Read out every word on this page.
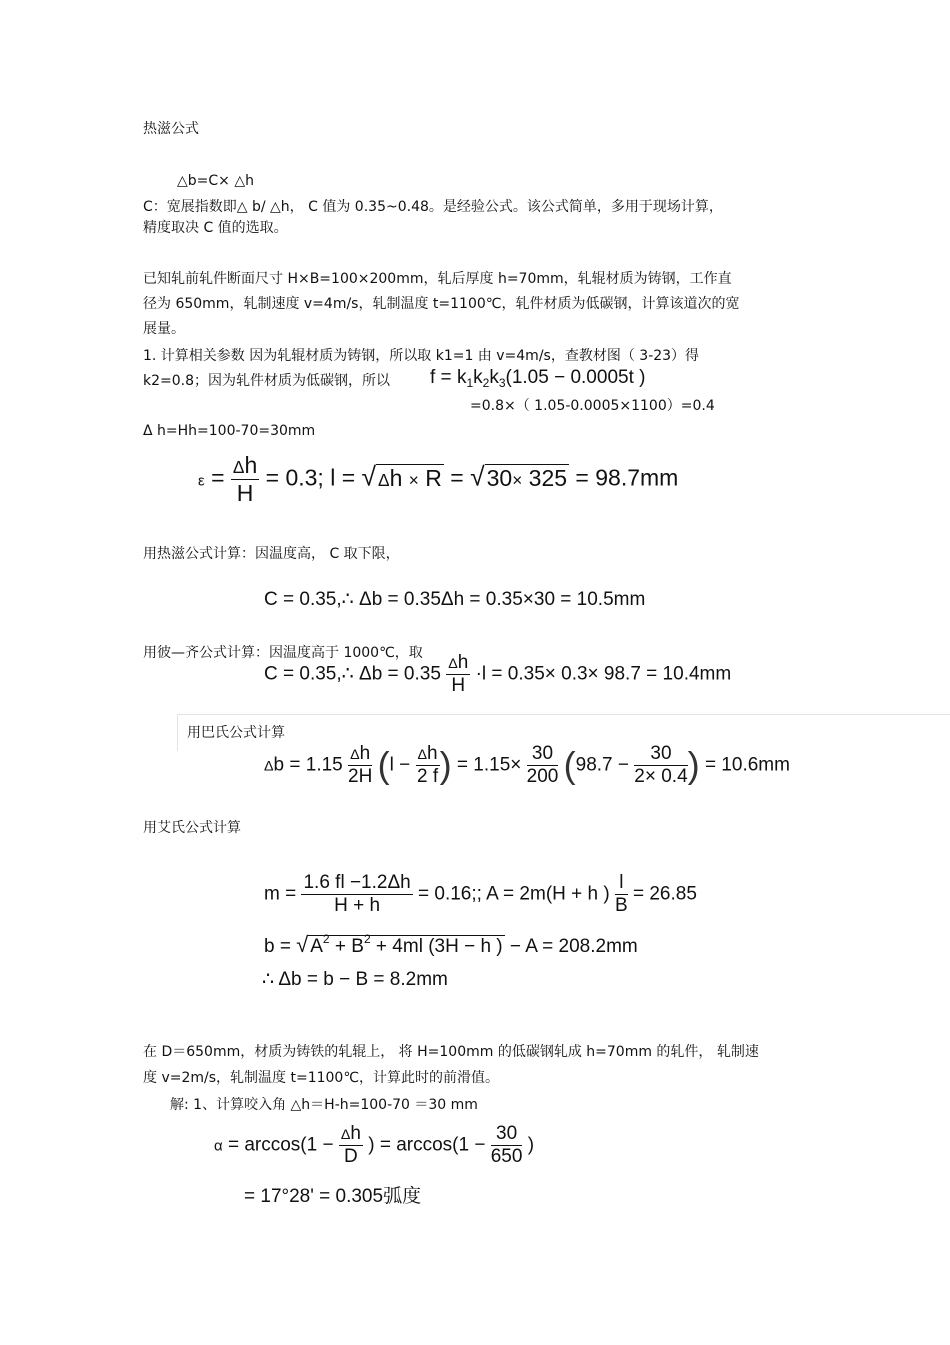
热滋公式
△b=C× △h
C：宽展指数即△ b/ △h， C 值为 0.35~0.48。是经验公式。该公式简单，多用于现场计算，
精度取决 C 值的选取。
已知轧前轧件断面尺寸 H×B=100×200mm，轧后厚度 h=70mm，轧辊材质为铸钢，工作直
径为 650mm，轧制速度 v=4m/s，轧制温度 t=1100℃，轧件材质为低碳钢，计算该道次的宽
展量。
1. 计算相关参数 因为轧辊材质为铸钢，所以取 k1=1 由 v=4m/s，查教材图（ 3-23）得
k2=0.8；因为轧件材质为低碳钢，所以 $f = k_1k_2k_3(1.05 - 0.0005t$ )
=0.8×（ 1.05-0.0005×1100）=0.4
Δ h=Hh=100-70=30mm
$\varepsilon = \frac{\Delta h}{H} = 0.3$; l = √ Δh × R = √30× 325 = 98.7mm
用热滋公式计算：因温度高， C 取下限，
C = 0.35,∴ Δb = 0.35Δh = 0.35×30 = 10.5mm
用彼—齐公式计算：因温度高于 1000℃，取
C = 0.35,∴ $\Delta b = 0.35 \frac{\Delta h}{H} \cdot l = 0.35\times 0.3\times 98.7 = 10.4mm$
用巴氏公式计算
$\Delta b = 1.15 \frac{\Delta h}{2H} (l - \frac{\Delta h}{2 f}$ ) = $1.15\times \frac{30}{200} (98.7 - \frac{30}{2\times 0.4}$ ) = 10.6mm
用艾氏公式计算
$m = \frac{1.6 fl -1.2\Delta h}{H + h} = 0.16$;; A = 2m(H + h ) $\frac{l}{B} = 26.85$
b = √ $A^2 + B^2 + 4ml$ (3H − h ) − A = 208.2mm
∴ Δb = b − B = 8.2mm
在 D＝650mm，材质为铸铁的轧辊上， 将 H=100mm 的低碳钢轧成 h=70mm 的轧件， 轧制速
度 v=2m/s，轧制温度 t=1100℃，计算此时的前滑值。
解: 1、计算咬入角 △h＝H-h=100-70 ＝30 mm
$\alpha = \arccos(1 - \frac{\Delta h}{D}$ ) = $\arccos(1 - \frac{30}{650}$ )
= 17°28' = 0.305弧度
